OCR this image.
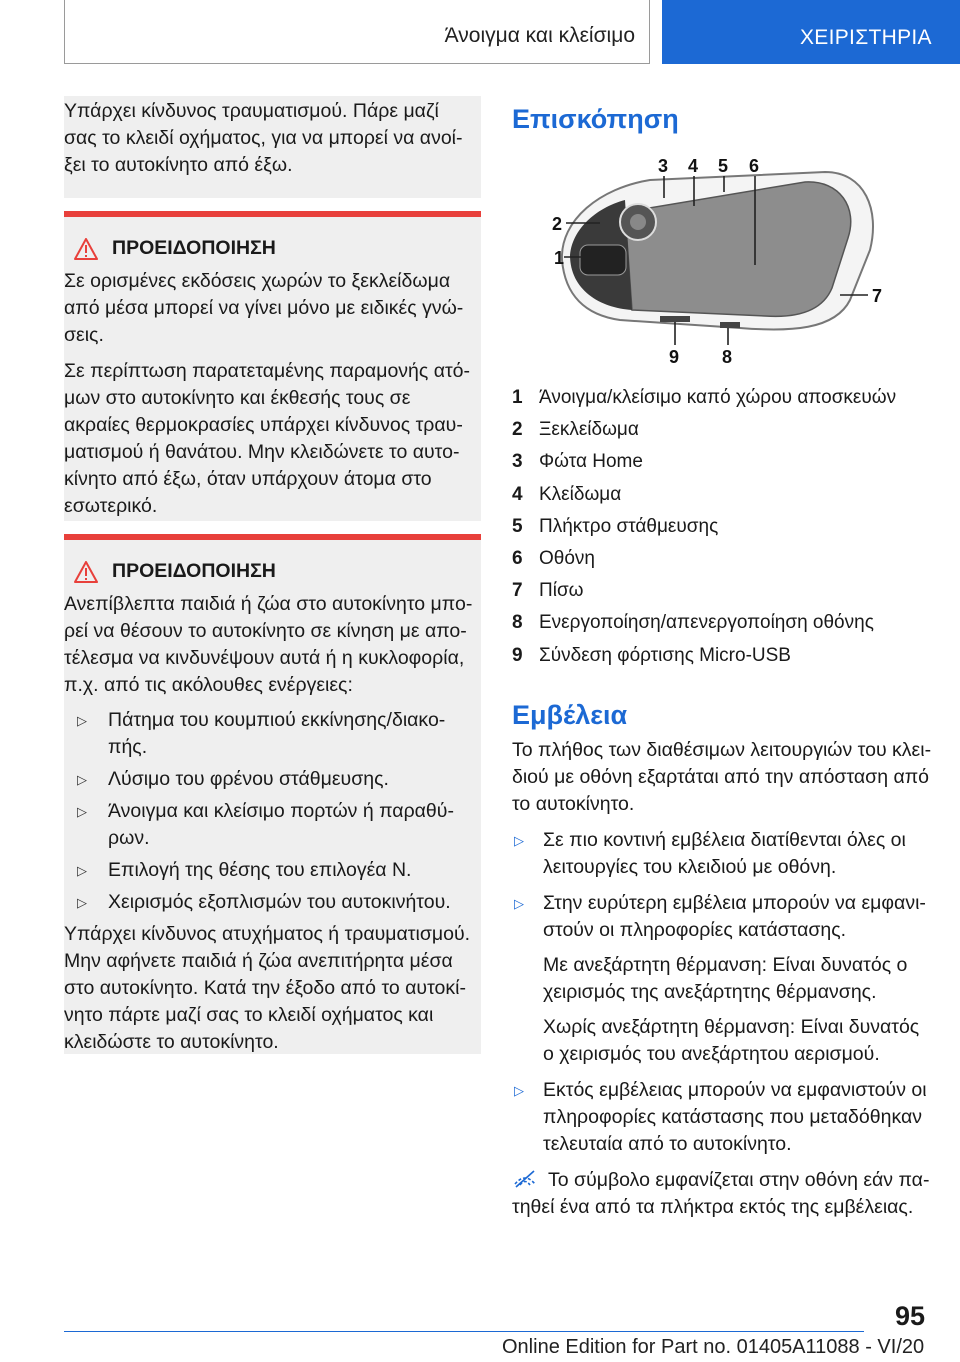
Άνοιγμα και κλείσιμο	ΧΕΙΡΙΣΤΗΡΙΑ

Υπάρχει κίνδυνος τραυματισμού. Πάρε μαζί σας το κλειδί οχήματος, για να μπορεί να ανοίξει το αυτοκίνητο από έξω.

ΠΡΟΕΙΔΟΠΟΙΗΣΗ

Σε ορισμένες εκδόσεις χωρών το ξεκλείδωμα από μέσα μπορεί να γίνει μόνο με ειδικές γνώσεις.

Σε περίπτωση παρατεταμένης παραμονής ατόμων στο αυτοκίνητο και έκθεσής τους σε ακραίες θερμοκρασίες υπάρχει κίνδυνος τραυματισμού ή θανάτου. Μην κλειδώνετε το αυτοκίνητο από έξω, όταν υπάρχουν άτομα στο εσωτερικό.

ΠΡΟΕΙΔΟΠΟΙΗΣΗ

Ανεπίβλεπτα παιδιά ή ζώα στο αυτοκίνητο μπορεί να θέσουν το αυτοκίνητο σε κίνηση με αποτέλεσμα να κινδυνέψουν αυτά ή η κυκλοφορία, π.χ. από τις ακόλουθες ενέργειες:

▷ Πάτημα του κουμπιού εκκίνησης/διακοπής.

▷ Λύσιμο του φρένου στάθμευσης.

▷ Άνοιγμα και κλείσιμο πορτών ή παραθύρων.

▷ Επιλογή της θέσης του επιλογέα N.

▷ Χειρισμός εξοπλισμών του αυτοκινήτου.

Υπάρχει κίνδυνος ατυχήματος ή τραυματισμού. Μην αφήνετε παιδιά ή ζώα ανεπιτήρητα μέσα στο αυτοκίνητο. Κατά την έξοδο από το αυτοκίνητο πάρτε μαζί σας το κλειδί οχήματος και κλειδώστε το αυτοκίνητο.

Επισκόπηση
1
2
3 4 5 6
7
8
9
1 Άνοιγμα/κλείσιμο καπό χώρου αποσκευών
2 Ξεκλείδωμα
3 Φώτα Home
4 Κλείδωμα
5 Πλήκτρο στάθμευσης
6 Οθόνη
7 Πίσω
8 Ενεργοποίηση/απενεργοποίηση οθόνης
9 Σύνδεση φόρτισης Micro-USB
Εμβέλεια

Το πλήθος των διαθέσιμων λειτουργιών του κλειδιού με οθόνη εξαρτάται από την απόσταση από το αυτοκίνητο.

▷ Σε πιο κοντινή εμβέλεια διατίθενται όλες οι λειτουργίες του κλειδιού με οθόνη.

▷ Στην ευρύτερη εμβέλεια μπορούν να εμφανιστούν οι πληροφορίες κατάστασης.

Με ανεξάρτητη θέρμανση: Είναι δυνατός ο χειρισμός της ανεξάρτητης θέρμανσης.

Χωρίς ανεξάρτητη θέρμανση: Είναι δυνατός ο χειρισμός του ανεξάρτητου αερισμού.

▷ Εκτός εμβέλειας μπορούν να εμφανιστούν οι πληροφορίες κατάστασης που μεταδόθηκαν τελευταία από το αυτοκίνητο.

Το σύμβολο εμφανίζεται στην οθόνη εάν πατηθεί ένα από τα πλήκτρα εκτός της εμβέλειας.

95
Online Edition for Part no. 01405A11088 - VI/20
